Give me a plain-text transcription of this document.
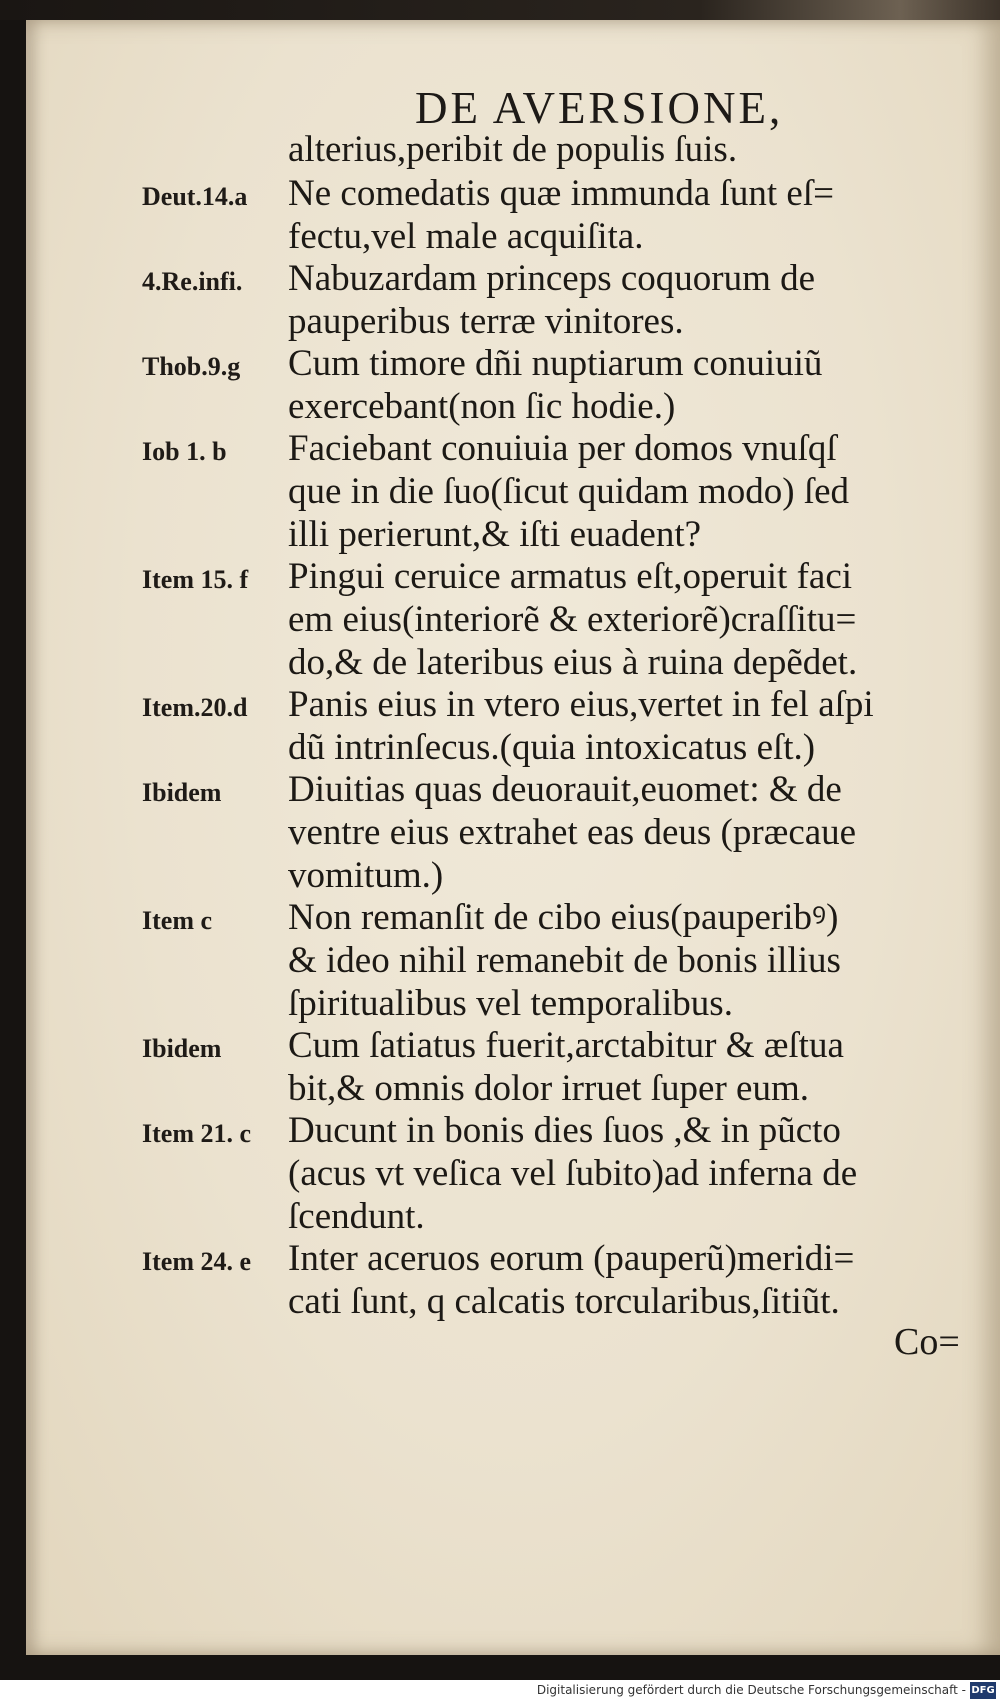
DE AVERSIONE,
alterius,peribit de populis ſuis.
Deut.14.a Ne comedatis quæ immunda ſunt eſ=
fectu,vel male acquiſita.
4.Re.infi. Nabuzardam princeps coquorum de
pauperibus terræ vinitores.
Thob.9.g Cum timore dñi nuptiarum conuiuiũ
exercebant(non ſic hodie.)
Iob 1. b Faciebant conuiuia per domos vnuſqſ
que in die ſuo(ſicut quidam modo) ſed
illi perierunt,& iſti euadent?
Item 15. f Pingui ceruice armatus eſt,operuit faci
em eius(interiorẽ & exteriorẽ)craſſitu=
do,& de lateribus eius à ruina depẽdet.
Item.20.d Panis eius in vtero eius,vertet in fel aſpi
dũ intrinſecus.(quia intoxicatus eſt.)
Ibidem Diuitias quas deuorauit,euomet: & de
ventre eius extrahet eas deus (præcaue
vomitum.)
Item c Non remanſit de cibo eius(pauperibꝰ)
& ideo nihil remanebit de bonis illius
ſpiritualibus vel temporalibus.
Ibidem Cum ſatiatus fuerit,arctabitur & æſtua
bit,& omnis dolor irruet ſuper eum.
Item 21. c Ducunt in bonis dies ſuos ,& in pũcto
(acus vt veſica vel ſubito)ad inferna de
ſcendunt.
Item 24. e Inter aceruos eorum (pauperũ)meridi=
cati ſunt, q calcatis torcularibus,ſitiũt.
Co=
Digitalisierung gefördert durch die Deutsche Forschungsgemeinschaft - DFG
